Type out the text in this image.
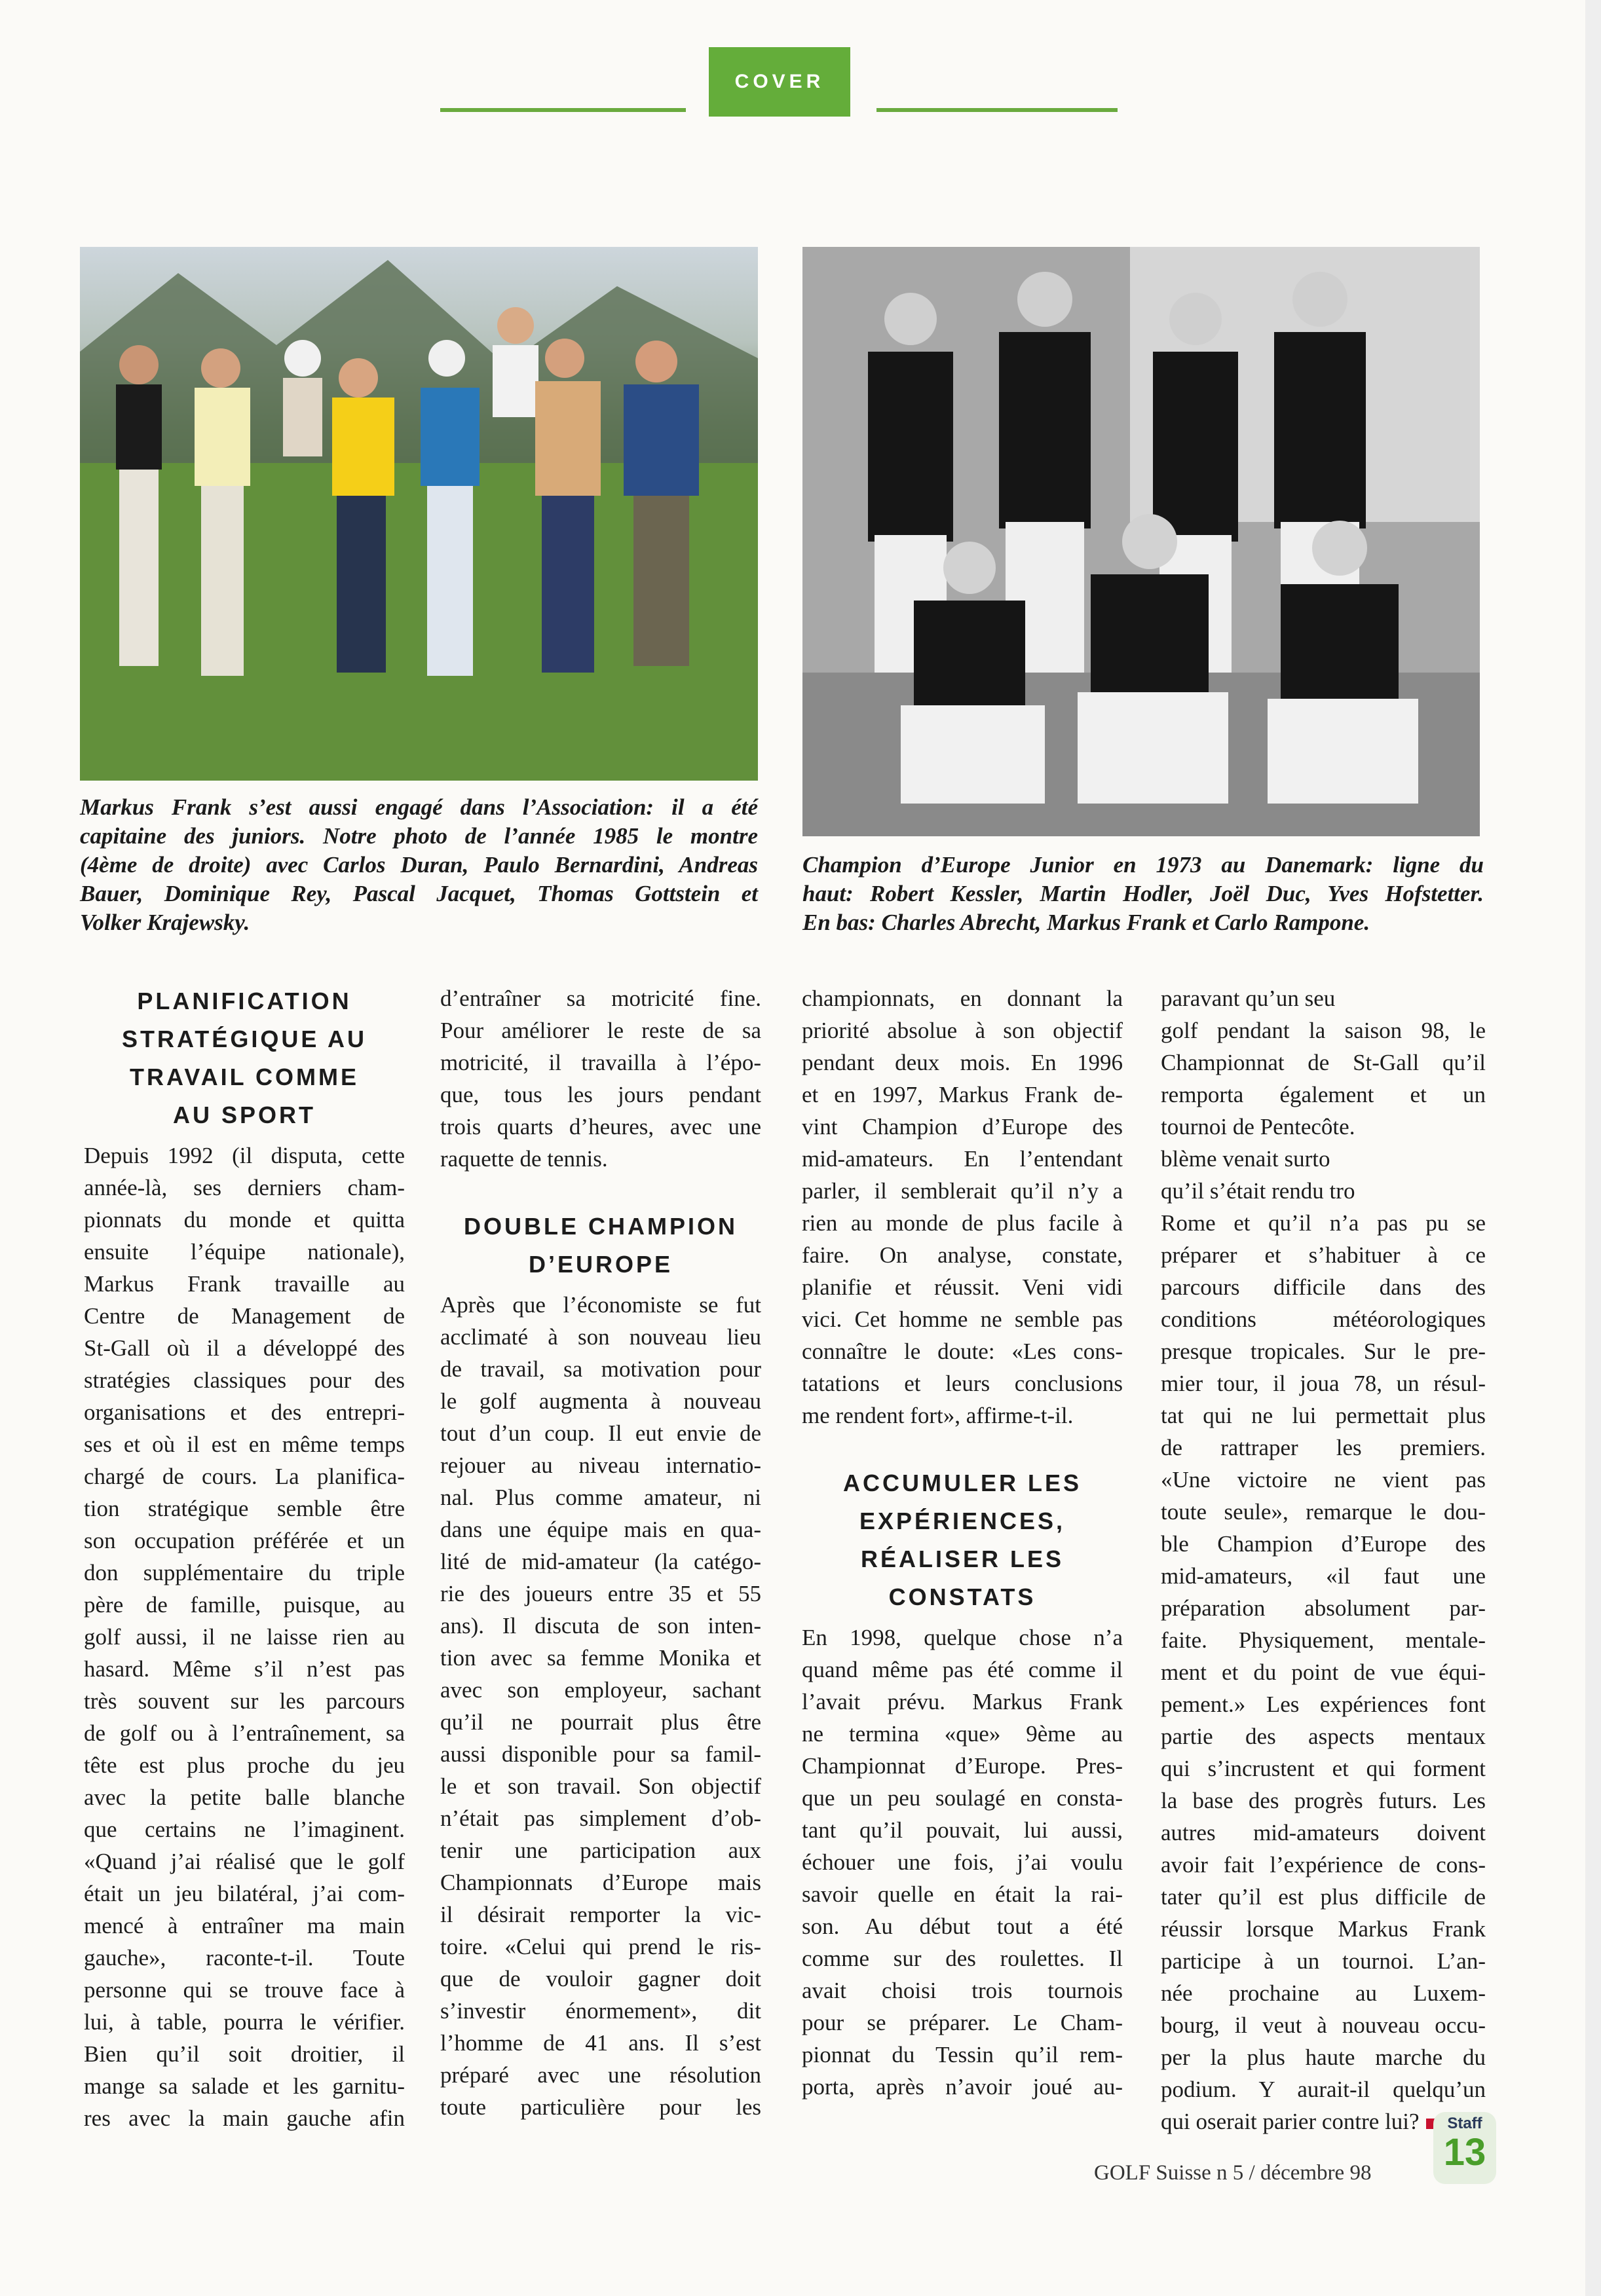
COVER
Markus Frank s’est aussi engagé dans l’Association: il a été
capitaine des juniors. Notre photo de l’année 1985 le montre
(4ème de droite) avec Carlos Duran, Paulo Bernardini, Andreas
Bauer, Dominique Rey, Pascal Jacquet, Thomas Gottstein et
Volker Krajewsky.
Champion d’Europe Junior en 1973 au Danemark: ligne du
haut: Robert Kessler, Martin Hodler, Joël Duc, Yves Hofstetter.
En bas: Charles Abrecht, Markus Frank et Carlo Rampone.
PLANIFICATION
STRATÉGIQUE AU
TRAVAIL COMME
AU SPORT
Depuis 1992 (il disputa, cette
année-là, ses derniers cham-
pionnats du monde et quitta
ensuite l’équipe nationale),
Markus Frank travaille au
Centre de Management de
St-Gall où il a développé des
stratégies classiques pour des
organisations et des entrepri-
ses et où il est en même temps
chargé de cours. La planifica-
tion stratégique semble être
son occupation préférée et un
don supplémentaire du triple
père de famille, puisque, au
golf aussi, il ne laisse rien au
hasard. Même s’il n’est pas
très souvent sur les parcours
de golf ou à l’entraînement, sa
tête est plus proche du jeu
avec la petite balle blanche
que certains ne l’imaginent.
«Quand j’ai réalisé que le golf
était un jeu bilatéral, j’ai com-
mencé à entraîner ma main
gauche», raconte-t-il. Toute
personne qui se trouve face à
lui, à table, pourra le vérifier.
Bien qu’il soit droitier, il
mange sa salade et les garnitu-
res avec la main gauche afin
d’entraîner sa motricité fine.
Pour améliorer le reste de sa
motricité, il travailla à l’épo-
que, tous les jours pendant
trois quarts d’heures, avec une
raquette de tennis.
DOUBLE CHAMPION
D’EUROPE
Après que l’économiste se fut
acclimaté à son nouveau lieu
de travail, sa motivation pour
le golf augmenta à nouveau
tout d’un coup. Il eut envie de
rejouer au niveau internatio-
nal. Plus comme amateur, ni
dans une équipe mais en qua-
lité de mid-amateur (la catégo-
rie des joueurs entre 35 et 55
ans). Il discuta de son inten-
tion avec sa femme Monika et
avec son employeur, sachant
qu’il ne pourrait plus être
aussi disponible pour sa famil-
le et son travail. Son objectif
n’était pas simplement d’ob-
tenir une participation aux
Championnats d’Europe mais
il désirait remporter la vic-
toire. «Celui qui prend le ris-
que de vouloir gagner doit
s’investir énormement», dit
l’homme de 41 ans. Il s’est
préparé avec une résolution
toute particulière pour les
championnats, en donnant la
priorité absolue à son objectif
pendant deux mois. En 1996
et en 1997, Markus Frank de-
vint Champion d’Europe des
mid-amateurs. En l’entendant
parler, il semblerait qu’il n’y a
rien au monde de plus facile à
faire. On analyse, constate,
planifie et réussit. Veni vidi
vici. Cet homme ne semble pas
connaître le doute: «Les cons-
tatations et leurs conclusions
me rendent fort», affirme-t-il.
ACCUMULER LES
EXPÉRIENCES,
RÉALISER LES
CONSTATS
En 1998, quelque chose n’a
quand même pas été comme il
l’avait prévu. Markus Frank
ne termina «que» 9ème au
Championnat d’Europe. Pres-
que un peu soulagé en consta-
tant qu’il pouvait, lui aussi,
échouer une fois, j’ai voulu
savoir quelle en était la rai-
son. Au début tout a été
comme sur des roulettes. Il
avait choisi trois tournois
pour se préparer. Le Cham-
pionnat du Tessin qu’il rem-
porta, après n’avoir joué au-
paravant qu’un seu
golf pendant la saison 98, le
Championnat de St-Gall qu’il
remporta également et un
tournoi de Pentecôte.
blème venait surto
qu’il s’était rendu tro
Rome et qu’il n’a pas pu se
préparer et s’habituer à ce
parcours difficile dans des
conditions météorologiques
presque tropicales. Sur le pre-
mier tour, il joua 78, un résul-
tat qui ne lui permettait plus
de rattraper les premiers.
«Une victoire ne vient pas
toute seule», remarque le dou-
ble Champion d’Europe des
mid-amateurs, «il faut une
préparation absolument par-
faite. Physiquement, mentale-
ment et du point de vue équi-
pement.» Les expériences font
partie des aspects mentaux
qui s’incrustent et qui forment
la base des progrès futurs. Les
autres mid-amateurs doivent
avoir fait l’expérience de cons-
tater qu’il est plus difficile de
réussir lorsque Markus Frank
participe à un tournoi. L’an-
née prochaine au Luxem-
bourg, il veut à nouveau occu-
per la plus haute marche du
podium. Y aurait-il quelqu’un
qui oserait parier contre lui?
GOLF Suisse n 5 / décembre 98
Staff
13
